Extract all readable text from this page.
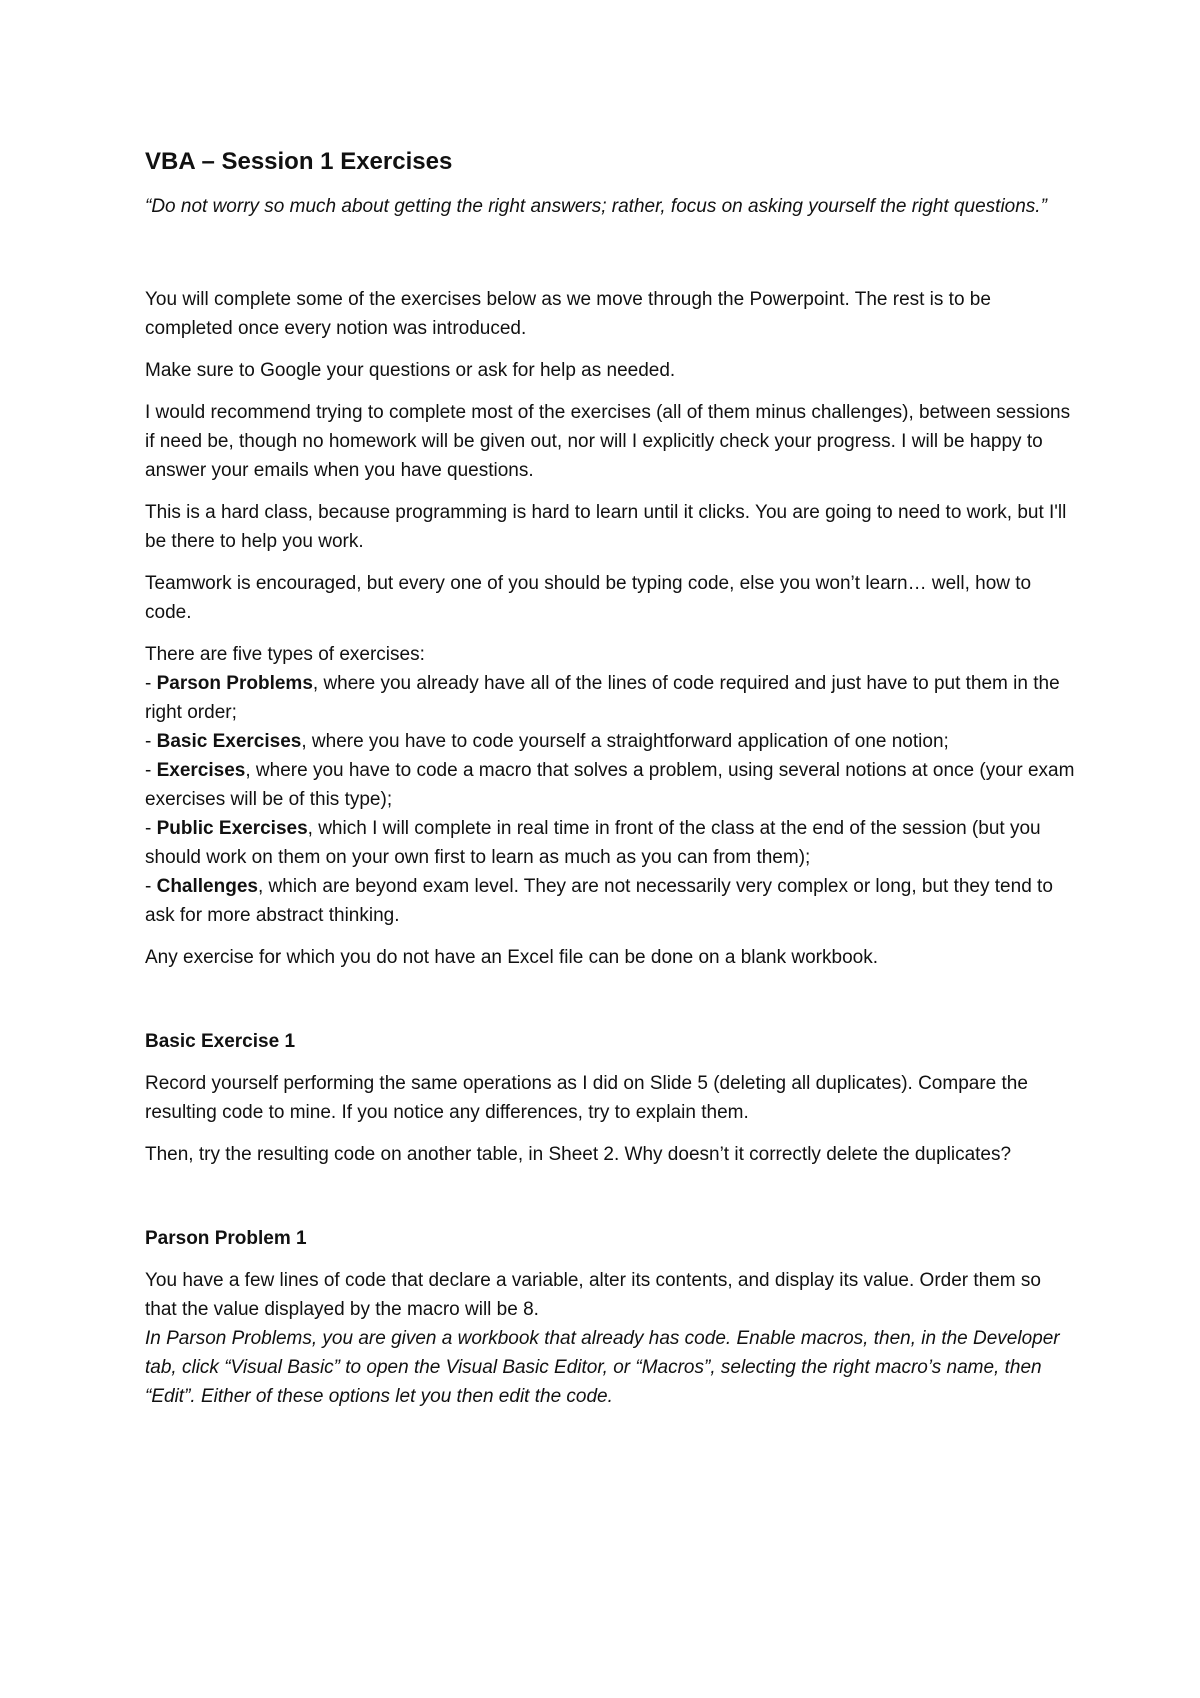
VBA – Session 1 Exercises

“Do not worry so much about getting the right answers; rather, focus on asking yourself the right questions.”

You will complete some of the exercises below as we move through the Powerpoint. The rest is to be completed once every notion was introduced.

Make sure to Google your questions or ask for help as needed.

I would recommend trying to complete most of the exercises (all of them minus challenges), between sessions if need be, though no homework will be given out, nor will I explicitly check your progress. I will be happy to answer your emails when you have questions.

This is a hard class, because programming is hard to learn until it clicks. You are going to need to work, but I'll be there to help you work.

Teamwork is encouraged, but every one of you should be typing code, else you won’t learn… well, how to code.

There are five types of exercises:
- Parson Problems, where you already have all of the lines of code required and just have to put them in the right order;
- Basic Exercises, where you have to code yourself a straightforward application of one notion;
- Exercises, where you have to code a macro that solves a problem, using several notions at once (your exam exercises will be of this type);
- Public Exercises, which I will complete in real time in front of the class at the end of the session (but you should work on them on your own first to learn as much as you can from them);
- Challenges, which are beyond exam level. They are not necessarily very complex or long, but they tend to ask for more abstract thinking.

Any exercise for which you do not have an Excel file can be done on a blank workbook.

Basic Exercise 1

Record yourself performing the same operations as I did on Slide 5 (deleting all duplicates). Compare the resulting code to mine. If you notice any differences, try to explain them.

Then, try the resulting code on another table, in Sheet 2. Why doesn’t it correctly delete the duplicates?

Parson Problem 1

You have a few lines of code that declare a variable, alter its contents, and display its value. Order them so that the value displayed by the macro will be 8.
In Parson Problems, you are given a workbook that already has code. Enable macros, then, in the Developer tab, click “Visual Basic” to open the Visual Basic Editor, or “Macros”, selecting the right macro’s name, then “Edit”. Either of these options let you then edit the code.
